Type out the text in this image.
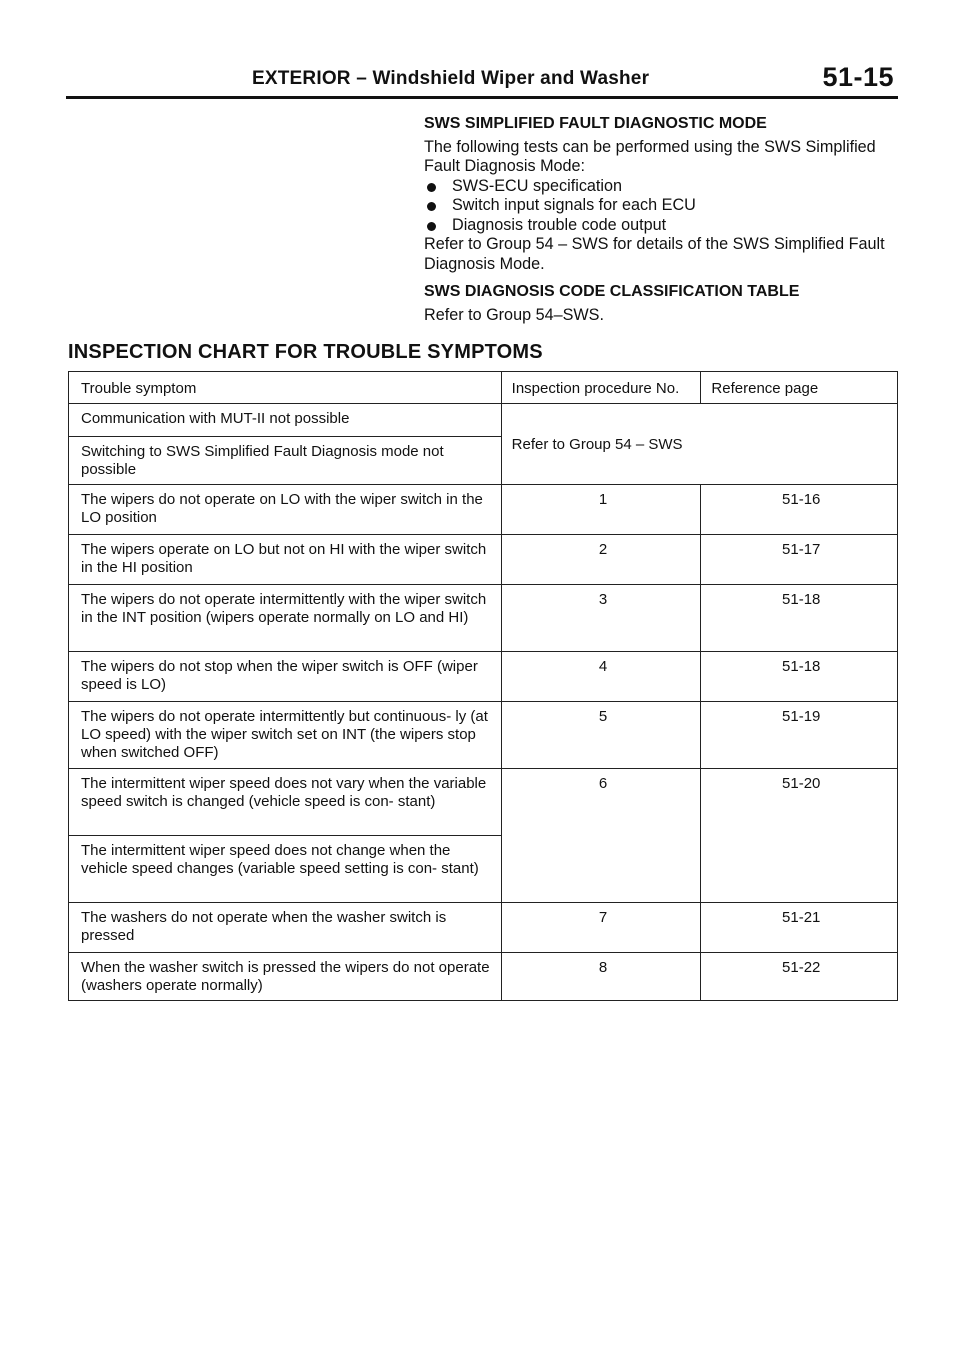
EXTERIOR – Windshield Wiper and Washer	51-15

SWS SIMPLIFIED FAULT DIAGNOSTIC MODE

The following tests can be performed using the SWS Simplified Fault Diagnosis Mode:

SWS-ECU specification
Switch input signals for each ECU
Diagnosis trouble code output

Refer to Group 54 – SWS for details of the SWS Simplified Fault Diagnosis Mode.

SWS DIAGNOSIS CODE CLASSIFICATION TABLE

Refer to Group 54–SWS.

INSPECTION CHART FOR TROUBLE SYMPTOMS
Trouble symptom	Inspection procedure No.	Reference page
Communication with MUT-II not possible	Refer to Group 54 – SWS	
Switching to SWS Simplified Fault Diagnosis mode not possible		
The wipers do not operate on LO with the wiper switch in the LO position	1	51-16
The wipers operate on LO but not on HI with the wiper switch in the HI position	2	51-17
The wipers do not operate intermittently with the wiper switch in the INT position (wipers operate normally on LO and HI)	3	51-18
The wipers do not stop when the wiper switch is OFF (wiper speed is LO)	4	51-18
The wipers do not operate intermittently but continuous- ly (at LO speed) with the wiper switch set on INT (the wipers stop when switched OFF)	5	51-19
The intermittent wiper speed does not vary when the variable speed switch is changed (vehicle speed is con- stant)	6	51-20
The intermittent wiper speed does not change when the vehicle speed changes (variable speed setting is con- stant)		
The washers do not operate when the washer switch is pressed	7	51-21
When the washer switch is pressed the wipers do not operate (washers operate normally)	8	51-22
